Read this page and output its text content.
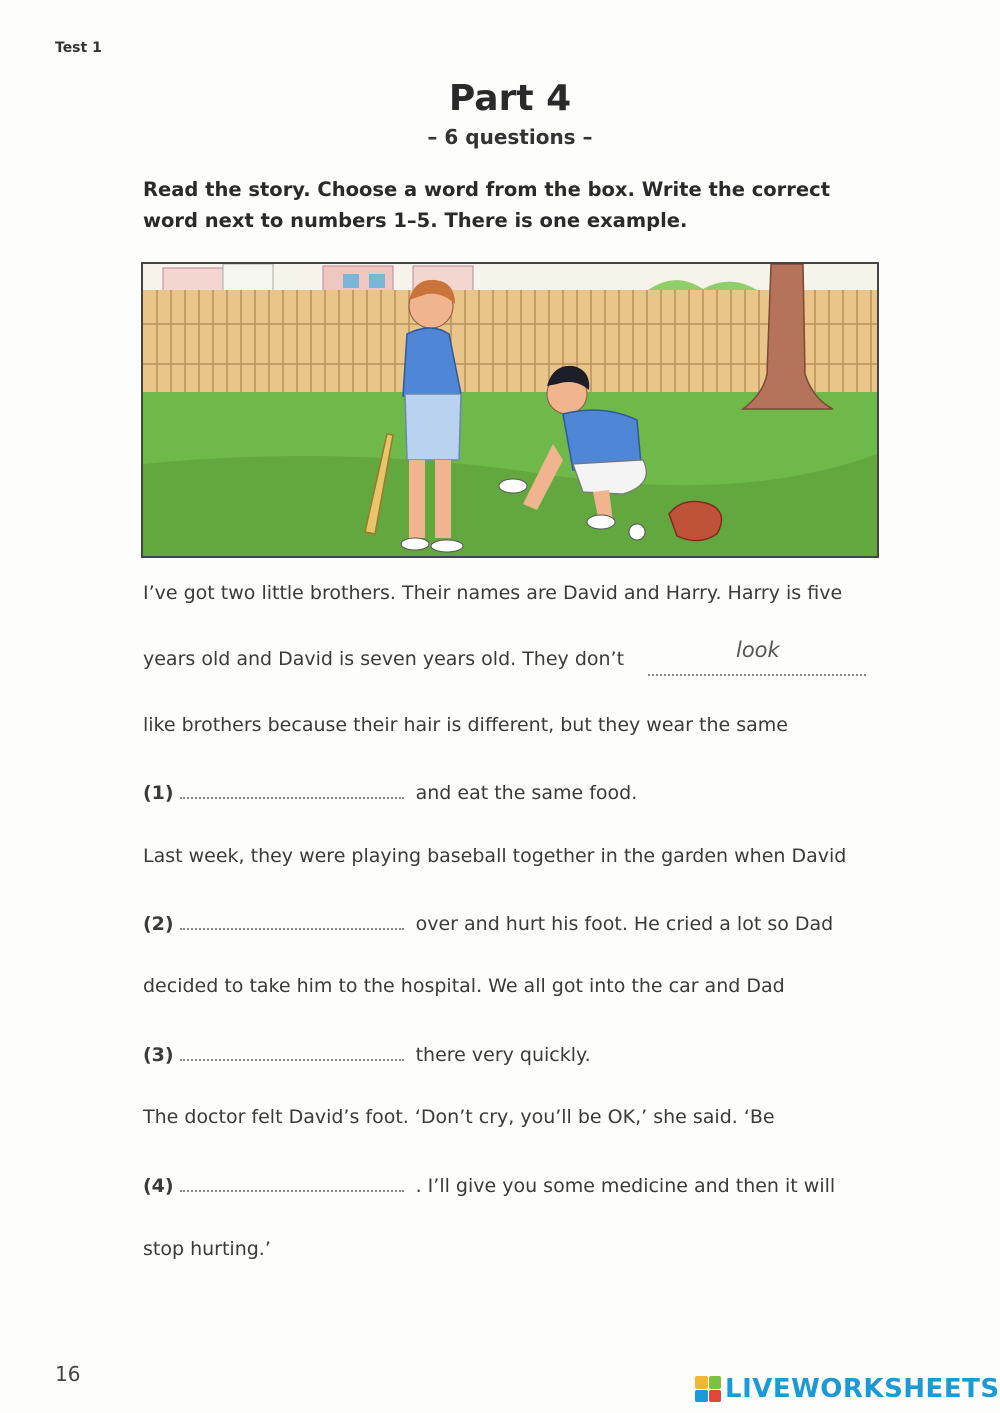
Test 1
Part 4
– 6 questions –
Read the story. Choose a word from the box. Write the correct
word next to numbers 1–5. There is one example.
I’ve got two little brothers. Their names are David and Harry. Harry is five
years old and David is seven years old. They don’t	look
like brothers because their hair is different, but they wear the same
(1)	and eat the same food.
Last week, they were playing baseball together in the garden when David
(2)	over and hurt his foot. He cried a lot so Dad
decided to take him to the hospital. We all got into the car and Dad
(3)	there very quickly.
The doctor felt David’s foot. ‘Don’t cry, you’ll be OK,’ she said. ‘Be
(4)	. I’ll give you some medicine and then it will
stop hurting.’
16	LIVEWORKSHEETS
